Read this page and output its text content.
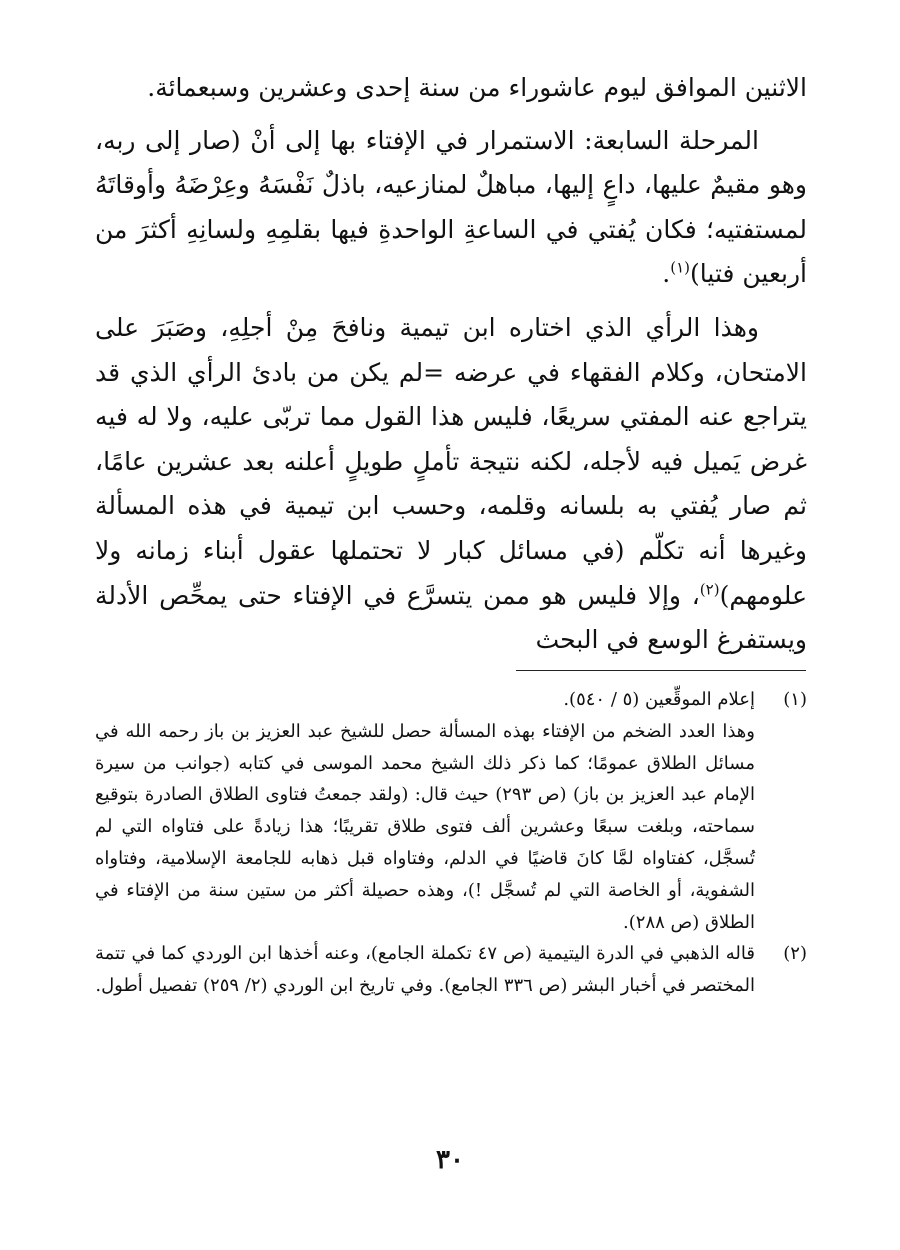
الاثنين الموافق ليوم عاشوراء من سنة إحدى وعشرين وسبعمائة.

المرحلة السابعة: الاستمرار في الإفتاء بها إلى أنْ (صار إلى ربه، وهو مقيمٌ عليها، داعٍ إليها، مباهلٌ لمنازعيه، باذلٌ نَفْسَهُ وعِرْضَهُ وأوقاتَهُ لمستفتيه؛ فكان يُفتي في الساعةِ الواحدةِ فيها بقلمِهِ ولسانِهِ أكثرَ من أربعين فتيا)$^{(١)}$.

وهذا الرأي الذي اختاره ابن تيمية ونافحَ مِنْ أجلِهِ، وصَبَرَ على الامتحان، وكلام الفقهاء في عرضه =لم يكن من بادئ الرأي الذي قد يتراجع عنه المفتي سريعًا، فليس هذا القول مما تربّى عليه، ولا له فيه غرض يَميل فيه لأجله، لكنه نتيجة تأملٍ طويلٍ أعلنه بعد عشرين عامًا، ثم صار يُفتي به بلسانه وقلمه، وحسب ابن تيمية في هذه المسألة وغيرها أنه تكلّم (في مسائل كبار لا تحتملها عقول أبناء زمانه ولا علومهم)$^{(٢)}$، وإلا فليس هو ممن يتسرَّع في الإفتاء حتى يمحِّص الأدلة ويستفرغ الوسع في البحث

(١)

إعلام الموقِّعين (٥ / ٥٤٠).

وهذا العدد الضخم من الإفتاء بهذه المسألة حصل للشيخ عبد العزيز بن باز رحمه الله في مسائل الطلاق عمومًا؛ كما ذكر ذلك الشيخ محمد الموسى في كتابه (جوانب من سيرة الإمام عبد العزيز بن باز) (ص ٢٩٣) حيث قال: (ولقد جمعتُ فتاوى الطلاق الصادرة بتوقيع سماحته، وبلغت سبعًا وعشرين ألف فتوى طلاق تقريبًا؛ هذا زيادةً على فتاواه التي لم تُسجَّل، كفتاواه لمَّا كانَ قاضيًا في الدلم، وفتاواه قبل ذهابه للجامعة الإسلامية، وفتاواه الشفوية، أو الخاصة التي لم تُسجَّل !)، وهذه حصيلة أكثر من ستين سنة من الإفتاء في الطلاق (ص ٢٨٨).

(٢)

قاله الذهبي في الدرة اليتيمية (ص ٤٧ تكملة الجامع)، وعنه أخذها ابن الوردي كما في تتمة المختصر في أخبار البشر (ص ٣٣٦ الجامع). وفي تاريخ ابن الوردي (٢/ ٢٥٩) تفصيل أطول.

٣٠
